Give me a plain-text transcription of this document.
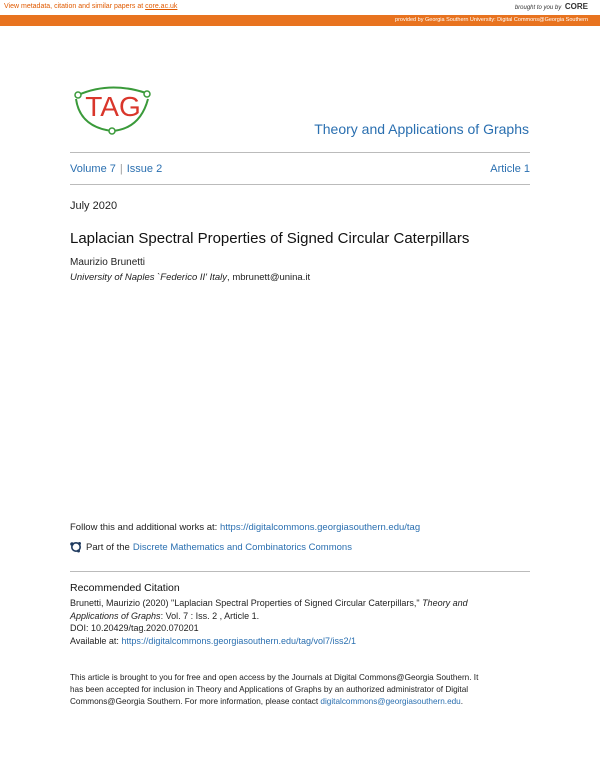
View metadata, citation and similar papers at core.ac.uk	brought to you by CORE
provided by Georgia Southern University: Digital Commons@Georgia Southern
TAG
Theory and Applications of Graphs
Volume 7 | Issue 2	Article 1
July 2020
Laplacian Spectral Properties of Signed Circular Caterpillars
Maurizio Brunetti
University of Naples `Federico II' Italy, mbrunett@unina.it
Follow this and additional works at: https://digitalcommons.georgiasouthern.edu/tag
Part of the Discrete Mathematics and Combinatorics Commons
Recommended Citation
Brunetti, Maurizio (2020) "Laplacian Spectral Properties of Signed Circular Caterpillars," Theory and
Applications of Graphs: Vol. 7 : Iss. 2 , Article 1.
DOI: 10.20429/tag.2020.070201
Available at: https://digitalcommons.georgiasouthern.edu/tag/vol7/iss2/1
This article is brought to you for free and open access by the Journals at Digital Commons@Georgia Southern. It
has been accepted for inclusion in Theory and Applications of Graphs by an authorized administrator of Digital
Commons@Georgia Southern. For more information, please contact digitalcommons@georgiasouthern.edu.
